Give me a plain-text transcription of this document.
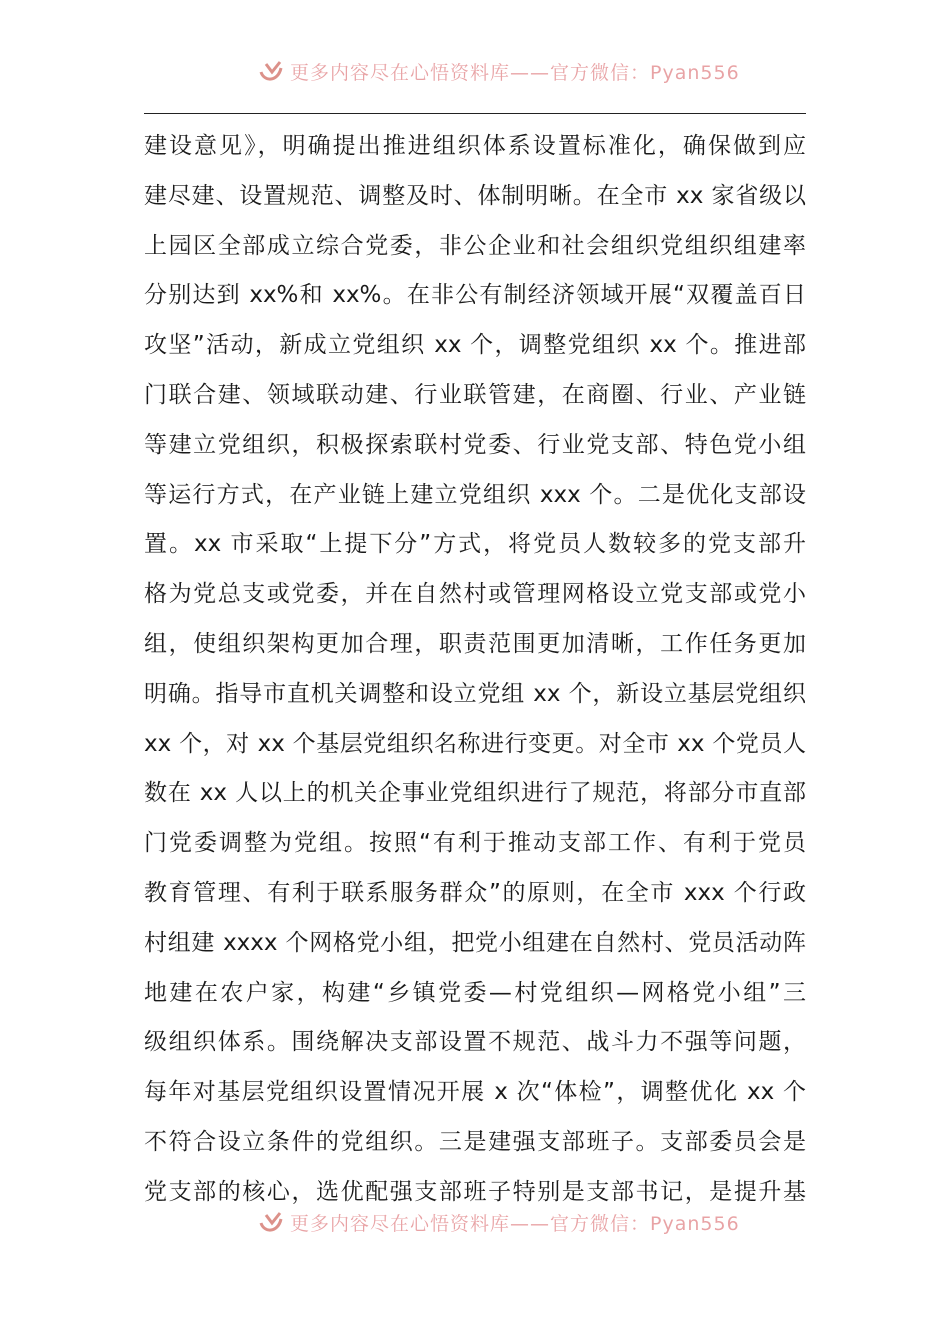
更多内容尽在心悟资料库——官方微信：Pyan556
建设意见》，明确提出推进组织体系设置标准化，确保做到应
建尽建、设置规范、调整及时、体制明晰。在全市 xx 家省级以
上园区全部成立综合党委，非公企业和社会组织党组织组建率
分别达到 xx%和 xx%。在非公有制经济领域开展“双覆盖百日
攻坚”活动，新成立党组织 xx 个，调整党组织 xx 个。推进部
门联合建、领域联动建、行业联管建，在商圈、行业、产业链
等建立党组织，积极探索联村党委、行业党支部、特色党小组
等运行方式，在产业链上建立党组织 xxx 个。二是优化支部设
置。xx 市采取“上提下分”方式，将党员人数较多的党支部升
格为党总支或党委，并在自然村或管理网格设立党支部或党小
组，使组织架构更加合理，职责范围更加清晰，工作任务更加
明确。指导市直机关调整和设立党组 xx 个，新设立基层党组织
xx 个，对 xx 个基层党组织名称进行变更。对全市 xx 个党员人
数在 xx 人以上的机关企事业党组织进行了规范，将部分市直部
门党委调整为党组。按照“有利于推动支部工作、有利于党员
教育管理、有利于联系服务群众”的原则，在全市 xxx 个行政
村组建 xxxx 个网格党小组，把党小组建在自然村、党员活动阵
地建在农户家，构建“乡镇党委—村党组织—网格党小组”三
级组织体系。围绕解决支部设置不规范、战斗力不强等问题，
每年对基层党组织设置情况开展 x 次“体检”，调整优化 xx 个
不符合设立条件的党组织。三是建强支部班子。支部委员会是
党支部的核心，选优配强支部班子特别是支部书记，是提升基
更多内容尽在心悟资料库——官方微信：Pyan556
